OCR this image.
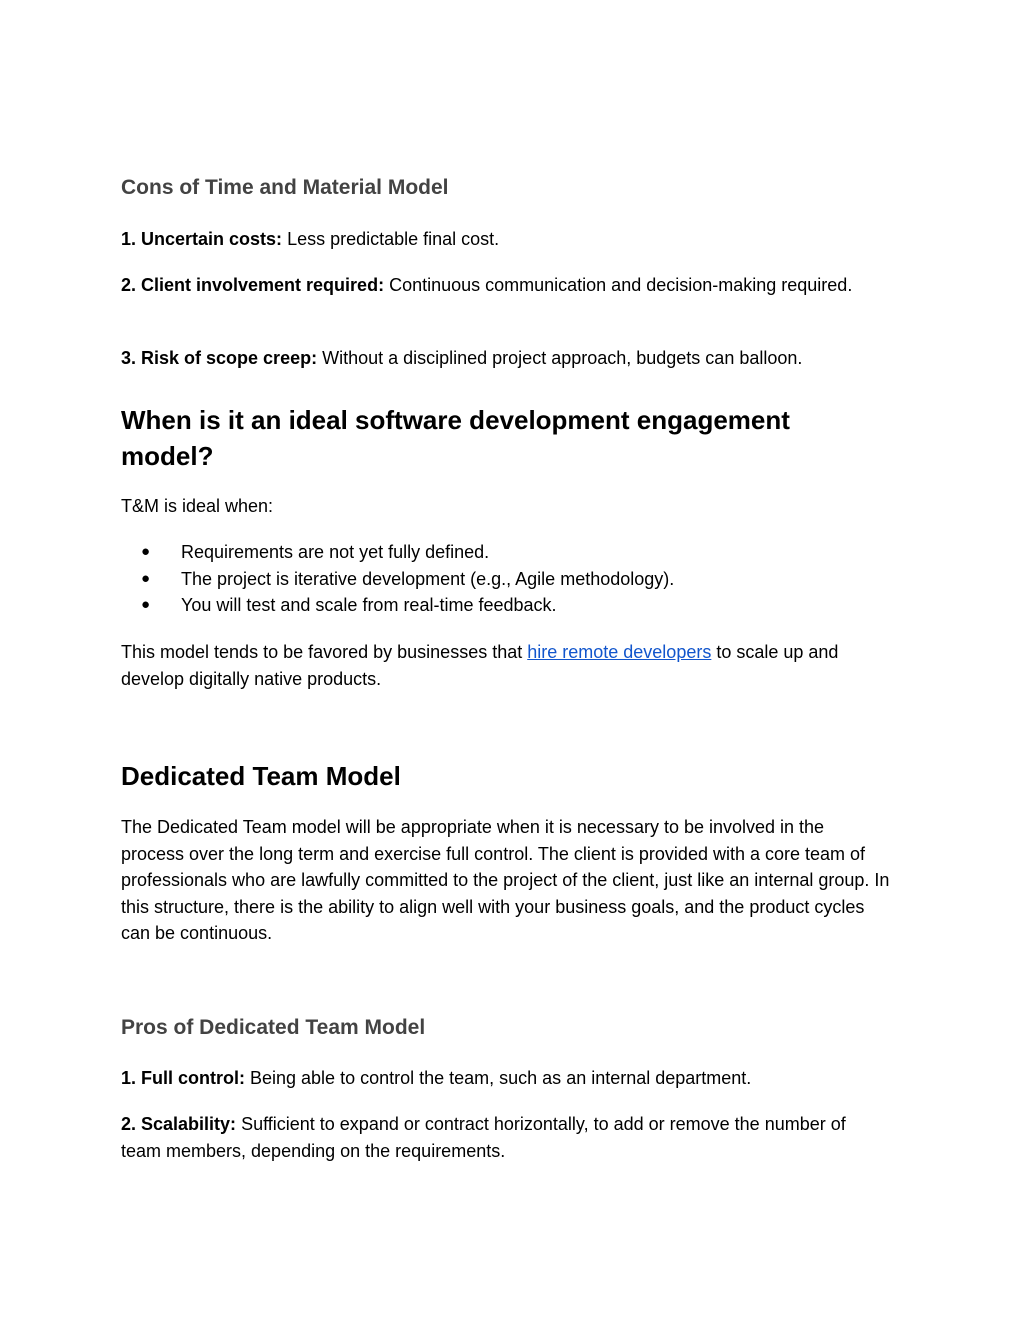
Cons of Time and Material Model

1. Uncertain costs: Less predictable final cost.

2. Client involvement required: Continuous communication and decision-making required.

3. Risk of scope creep: Without a disciplined project approach, budgets can balloon.

When is it an ideal software development engagement model?

T&M is ideal when:

● Requirements are not yet fully defined.
● The project is iterative development (e.g., Agile methodology).
● You will test and scale from real-time feedback.

This model tends to be favored by businesses that hire remote developers to scale up and develop digitally native products.

Dedicated Team Model

The Dedicated Team model will be appropriate when it is necessary to be involved in the process over the long term and exercise full control. The client is provided with a core team of professionals who are lawfully committed to the project of the client, just like an internal group. In this structure, there is the ability to align well with your business goals, and the product cycles can be continuous.

Pros of Dedicated Team Model

1. Full control: Being able to control the team, such as an internal department.

2. Scalability: Sufficient to expand or contract horizontally, to add or remove the number of team members, depending on the requirements.
